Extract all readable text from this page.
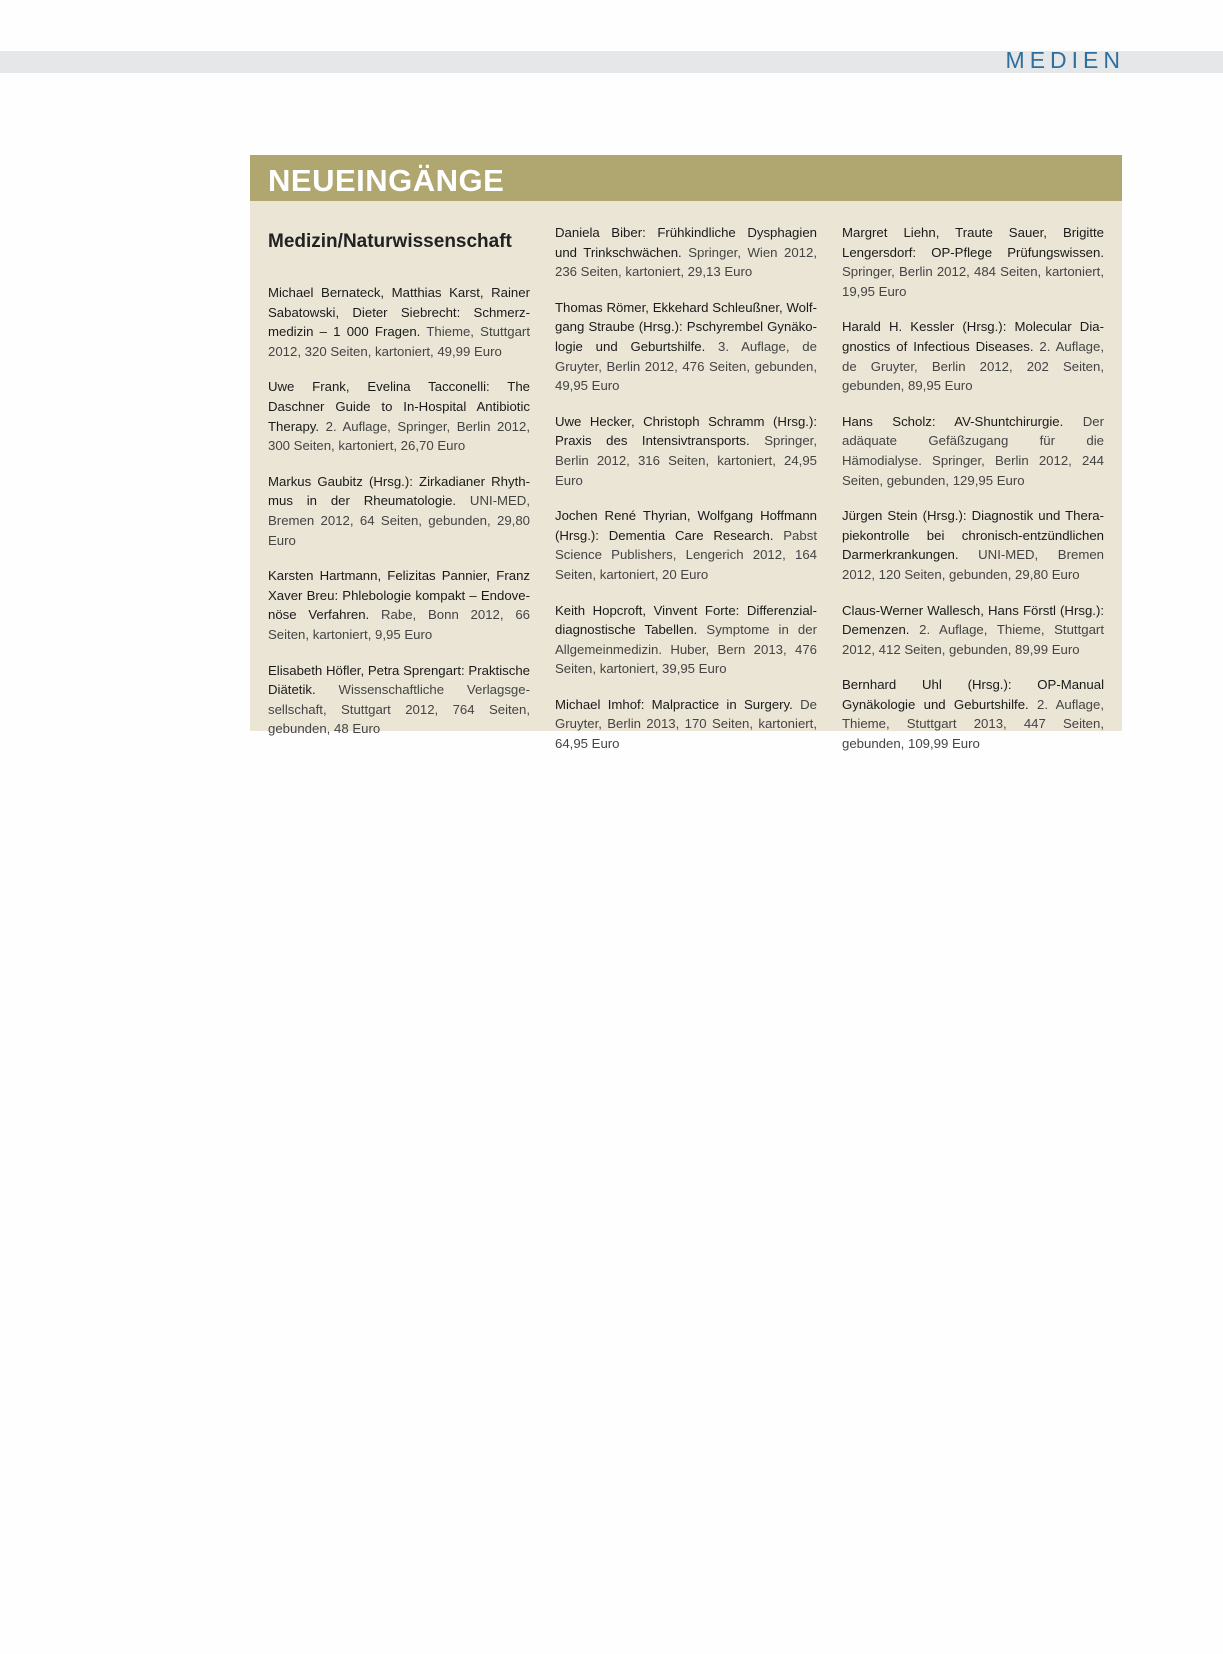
MEDIEN
NEUEINGÄNGE
Medizin/Naturwissenschaft
Michael Bernateck, Matthias Karst, Rainer Sabatowski, Dieter Siebrecht: Schmerzmedizin – 1 000 Fragen. Thieme, Stuttgart 2012, 320 Seiten, kartoniert, 49,99 Euro
Uwe Frank, Evelina Tacconelli: The Daschner Guide to In-Hospital Antibiotic Therapy. 2. Auflage, Springer, Berlin 2012, 300 Seiten, kartoniert, 26,70 Euro
Markus Gaubitz (Hrsg.): Zirkadianer Rhythmus in der Rheumatologie. UNI-MED, Bremen 2012, 64 Seiten, gebunden, 29,80 Euro
Karsten Hartmann, Felizitas Pannier, Franz Xaver Breu: Phlebologie kompakt – Endovenöse Verfahren. Rabe, Bonn 2012, 66 Seiten, kartoniert, 9,95 Euro
Elisabeth Höfler, Petra Sprengart: Praktische Diätetik. Wissenschaftliche Verlagsgesellschaft, Stuttgart 2012, 764 Seiten, gebunden, 48 Euro
Daniela Biber: Frühkindliche Dysphagien und Trinkschwächen. Springer, Wien 2012, 236 Seiten, kartoniert, 29,13 Euro
Thomas Römer, Ekkehard Schleußner, Wolfgang Straube (Hrsg.): Pschyrembel Gynäkologie und Geburtshilfe. 3. Auflage, de Gruyter, Berlin 2012, 476 Seiten, gebunden, 49,95 Euro
Uwe Hecker, Christoph Schramm (Hrsg.): Praxis des Intensivtransports. Springer, Berlin 2012, 316 Seiten, kartoniert, 24,95 Euro
Jochen René Thyrian, Wolfgang Hoffmann (Hrsg.): Dementia Care Research. Pabst Science Publishers, Lengerich 2012, 164 Seiten, kartoniert, 20 Euro
Keith Hopcroft, Vinvent Forte: Differenzialdiagnostische Tabellen. Symptome in der Allgemeinmedizin. Huber, Bern 2013, 476 Seiten, kartoniert, 39,95 Euro
Michael Imhof: Malpractice in Surgery. De Gruyter, Berlin 2013, 170 Seiten, kartoniert, 64,95 Euro
Margret Liehn, Traute Sauer, Brigitte Lengersdorf: OP-Pflege Prüfungswissen. Springer, Berlin 2012, 484 Seiten, kartoniert, 19,95 Euro
Harald H. Kessler (Hrsg.): Molecular Diagnostics of Infectious Diseases. 2. Auflage, de Gruyter, Berlin 2012, 202 Seiten, gebunden, 89,95 Euro
Hans Scholz: AV-Shuntchirurgie. Der adäquate Gefäßzugang für die Hämodialyse. Springer, Berlin 2012, 244 Seiten, gebunden, 129,95 Euro
Jürgen Stein (Hrsg.): Diagnostik und Therapiekontrolle bei chronisch-entzündlichen Darmerkrankungen. UNI-MED, Bremen 2012, 120 Seiten, gebunden, 29,80 Euro
Claus-Werner Wallesch, Hans Förstl (Hrsg.): Demenzen. 2. Auflage, Thieme, Stuttgart 2012, 412 Seiten, gebunden, 89,99 Euro
Bernhard Uhl (Hrsg.): OP-Manual Gynäkologie und Geburtshilfe. 2. Auflage, Thieme, Stuttgart 2013, 447 Seiten, gebunden, 109,99 Euro
